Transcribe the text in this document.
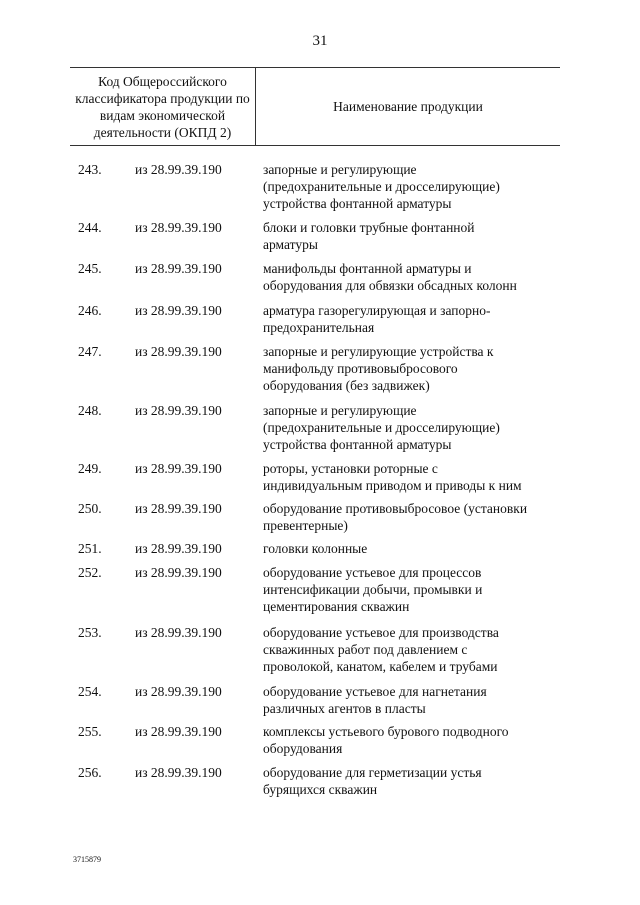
31
Код Общероссийского классификатора продукции по видам экономической деятельности (ОКПД 2)
Наименование продукции
243. из 28.99.39.190	запорные и регулирующие
(предохранительные и дросселирующие)
устройства фонтанной арматуры
244. из 28.99.39.190	блоки и головки трубные фонтанной
арматуры
245. из 28.99.39.190	манифольды фонтанной арматуры и
оборудования для обвязки обсадных колонн
246. из 28.99.39.190	арматура газорегулирующая и запорно-
предохранительная
247. из 28.99.39.190	запорные и регулирующие устройства к
манифольду противовыбросового
оборудования (без задвижек)
248. из 28.99.39.190	запорные и регулирующие
(предохранительные и дросселирующие)
устройства фонтанной арматуры
249. из 28.99.39.190	роторы, установки роторные с
индивидуальным приводом и приводы к ним
250. из 28.99.39.190	оборудование противовыбросовое (установки
превентерные)
251. из 28.99.39.190	головки колонные
252. из 28.99.39.190	оборудование устьевое для процессов
интенсификации добычи, промывки и
цементирования скважин
253. из 28.99.39.190	оборудование устьевое для производства
скважинных работ под давлением с
проволокой, канатом, кабелем и трубами
254. из 28.99.39.190	оборудование устьевое для нагнетания
различных агентов в пласты
255. из 28.99.39.190	комплексы устьевого бурового подводного
оборудования
256. из 28.99.39.190	оборудование для герметизации устья
бурящихся скважин
3715879
